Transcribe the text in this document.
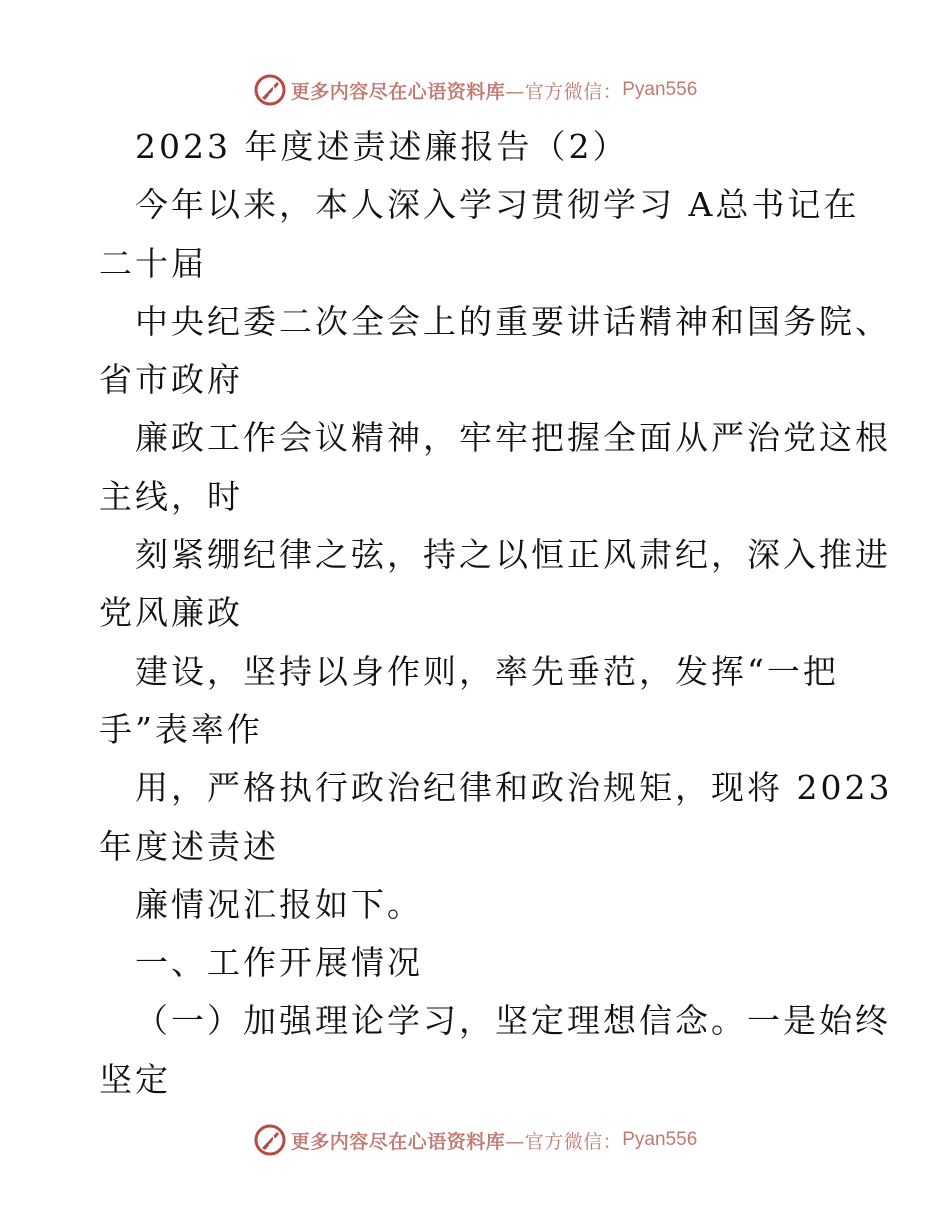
更多内容尽在心语资料库 —官方微信： Pyan556
2023 年度述责述廉报告（2）
今年以来，本人深入学习贯彻学习 A总书记在
二十届
中央纪委二次全会上的重要讲话精神和国务院、
省市政府
廉政工作会议精神，牢牢把握全面从严治党这根
主线，时
刻紧绷纪律之弦，持之以恒正风肃纪，深入推进
党风廉政
建设，坚持以身作则，率先垂范，发挥“一把
手”表率作
用，严格执行政治纪律和政治规矩，现将 2023
年度述责述
廉情况汇报如下。
一、工作开展情况
（一）加强理论学习，坚定理想信念。一是始终
坚定
更多内容尽在心语资料库 —官方微信： Pyan556
